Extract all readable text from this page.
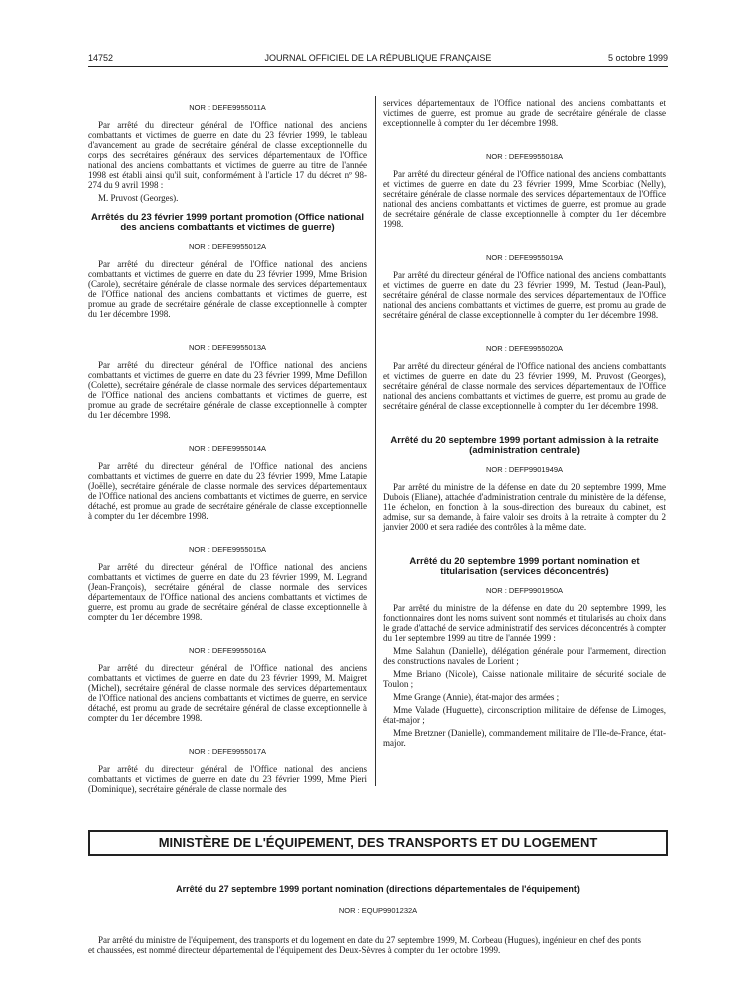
14752	JOURNAL OFFICIEL DE LA RÉPUBLIQUE FRANÇAISE	5 octobre 1999
NOR : DEFE9955011A

Par arrêté du directeur général de l'Office national des anciens combattants et victimes de guerre en date du 23 février 1999, le tableau d'avancement au grade de secrétaire général de classe exceptionnelle du corps des secrétaires généraux des services départementaux de l'Office national des anciens combattants et victimes de guerre au titre de l'année 1998 est établi ainsi qu'il suit, conformément à l'article 17 du décret nº 98-274 du 9 avril 1998 :

M. Pruvost (Georges).

Arrêtés du 23 février 1999 portant promotion (Office national des anciens combattants et victimes de guerre)
NOR : DEFE9955012A

Par arrêté du directeur général de l'Office national des anciens combattants et victimes de guerre en date du 23 février 1999, Mme Brision (Carole), secrétaire générale de classe normale des services départementaux de l'Office national des anciens combattants et victimes de guerre, est promue au grade de secrétaire générale de classe exceptionnelle à compter du 1er décembre 1998.

NOR : DEFE9955013A

Par arrêté du directeur général de l'Office national des anciens combattants et victimes de guerre en date du 23 février 1999, Mme Defillon (Colette), secrétaire générale de classe normale des services départementaux de l'Office national des anciens combattants et victimes de guerre, est promue au grade de secrétaire générale de classe exceptionnelle à compter du 1er décembre 1998.

NOR : DEFE9955014A

Par arrêté du directeur général de l'Office national des anciens combattants et victimes de guerre en date du 23 février 1999, Mme Latapie (Joëlle), secrétaire générale de classe normale des services départementaux de l'Office national des anciens combattants et victimes de guerre, en service détaché, est promue au grade de secrétaire générale de classe exceptionnelle à compter du 1er décembre 1998.

NOR : DEFE9955015A

Par arrêté du directeur général de l'Office national des anciens combattants et victimes de guerre en date du 23 février 1999, M. Legrand (Jean-François), secrétaire général de classe normale des services départementaux de l'Office national des anciens combattants et victimes de guerre, est promu au grade de secrétaire général de classe exceptionnelle à compter du 1er décembre 1998.

NOR : DEFE9955016A

Par arrêté du directeur général de l'Office national des anciens combattants et victimes de guerre en date du 23 février 1999, M. Maigret (Michel), secrétaire général de classe normale des services départementaux de l'Office national des anciens combattants et victimes de guerre, en service détaché, est promu au grade de secrétaire général de classe exceptionnelle à compter du 1er décembre 1998.

NOR : DEFE9955017A

Par arrêté du directeur général de l'Office national des anciens combattants et victimes de guerre en date du 23 février 1999, Mme Pieri (Dominique), secrétaire générale de classe normale des

services départementaux de l'Office national des anciens combattants et victimes de guerre, est promue au grade de secrétaire générale de classe exceptionnelle à compter du 1er décembre 1998.

NOR : DEFE9955018A

Par arrêté du directeur général de l'Office national des anciens combattants et victimes de guerre en date du 23 février 1999, Mme Scorbiac (Nelly), secrétaire générale de classe normale des services départementaux de l'Office national des anciens combattants et victimes de guerre, est promue au grade de secrétaire générale de classe exceptionnelle à compter du 1er décembre 1998.

NOR : DEFE9955019A

Par arrêté du directeur général de l'Office national des anciens combattants et victimes de guerre en date du 23 février 1999, M. Testud (Jean-Paul), secrétaire général de classe normale des services départementaux de l'Office national des anciens combattants et victimes de guerre, est promu au grade de secrétaire général de classe exceptionnelle à compter du 1er décembre 1998.

NOR : DEFE9955020A

Par arrêté du directeur général de l'Office national des anciens combattants et victimes de guerre en date du 23 février 1999, M. Pruvost (Georges), secrétaire général de classe normale des services départementaux de l'Office national des anciens combattants et victimes de guerre, est promu au grade de secrétaire général de classe exceptionnelle à compter du 1er décembre 1998.

Arrêté du 20 septembre 1999 portant admission à la retraite (administration centrale)
NOR : DEFP9901949A

Par arrêté du ministre de la défense en date du 20 septembre 1999, Mme Dubois (Eliane), attachée d'administration centrale du ministère de la défense, 11e échelon, en fonction à la sous-direction des bureaux du cabinet, est admise, sur sa demande, à faire valoir ses droits à la retraite à compter du 2 janvier 2000 et sera radiée des contrôles à la même date.

Arrêté du 20 septembre 1999 portant nomination et titularisation (services déconcentrés)
NOR : DEFP9901950A

Par arrêté du ministre de la défense en date du 20 septembre 1999, les fonctionnaires dont les noms suivent sont nommés et titularisés au choix dans le grade d'attaché de service administratif des services déconcentrés à compter du 1er septembre 1999 au titre de l'année 1999 :

Mme Salahun (Danielle), délégation générale pour l'armement, direction des constructions navales de Lorient ;

Mme Briano (Nicole), Caisse nationale militaire de sécurité sociale de Toulon ;

Mme Grange (Annie), état-major des armées ;

Mme Valade (Huguette), circonscription militaire de défense de Limoges, état-major ;

Mme Bretzner (Danielle), commandement militaire de l'Ile-de-France, état-major.

MINISTÈRE DE L'ÉQUIPEMENT, DES TRANSPORTS ET DU LOGEMENT
Arrêté du 27 septembre 1999 portant nomination (directions départementales de l'équipement)
NOR : EQUP9901232A
Par arrêté du ministre de l'équipement, des transports et du logement en date du 27 septembre 1999, M. Corbeau (Hugues), ingénieur en chef des ponts et chaussées, est nommé directeur départemental de l'équipement des Deux-Sèvres à compter du 1er octobre 1999.
